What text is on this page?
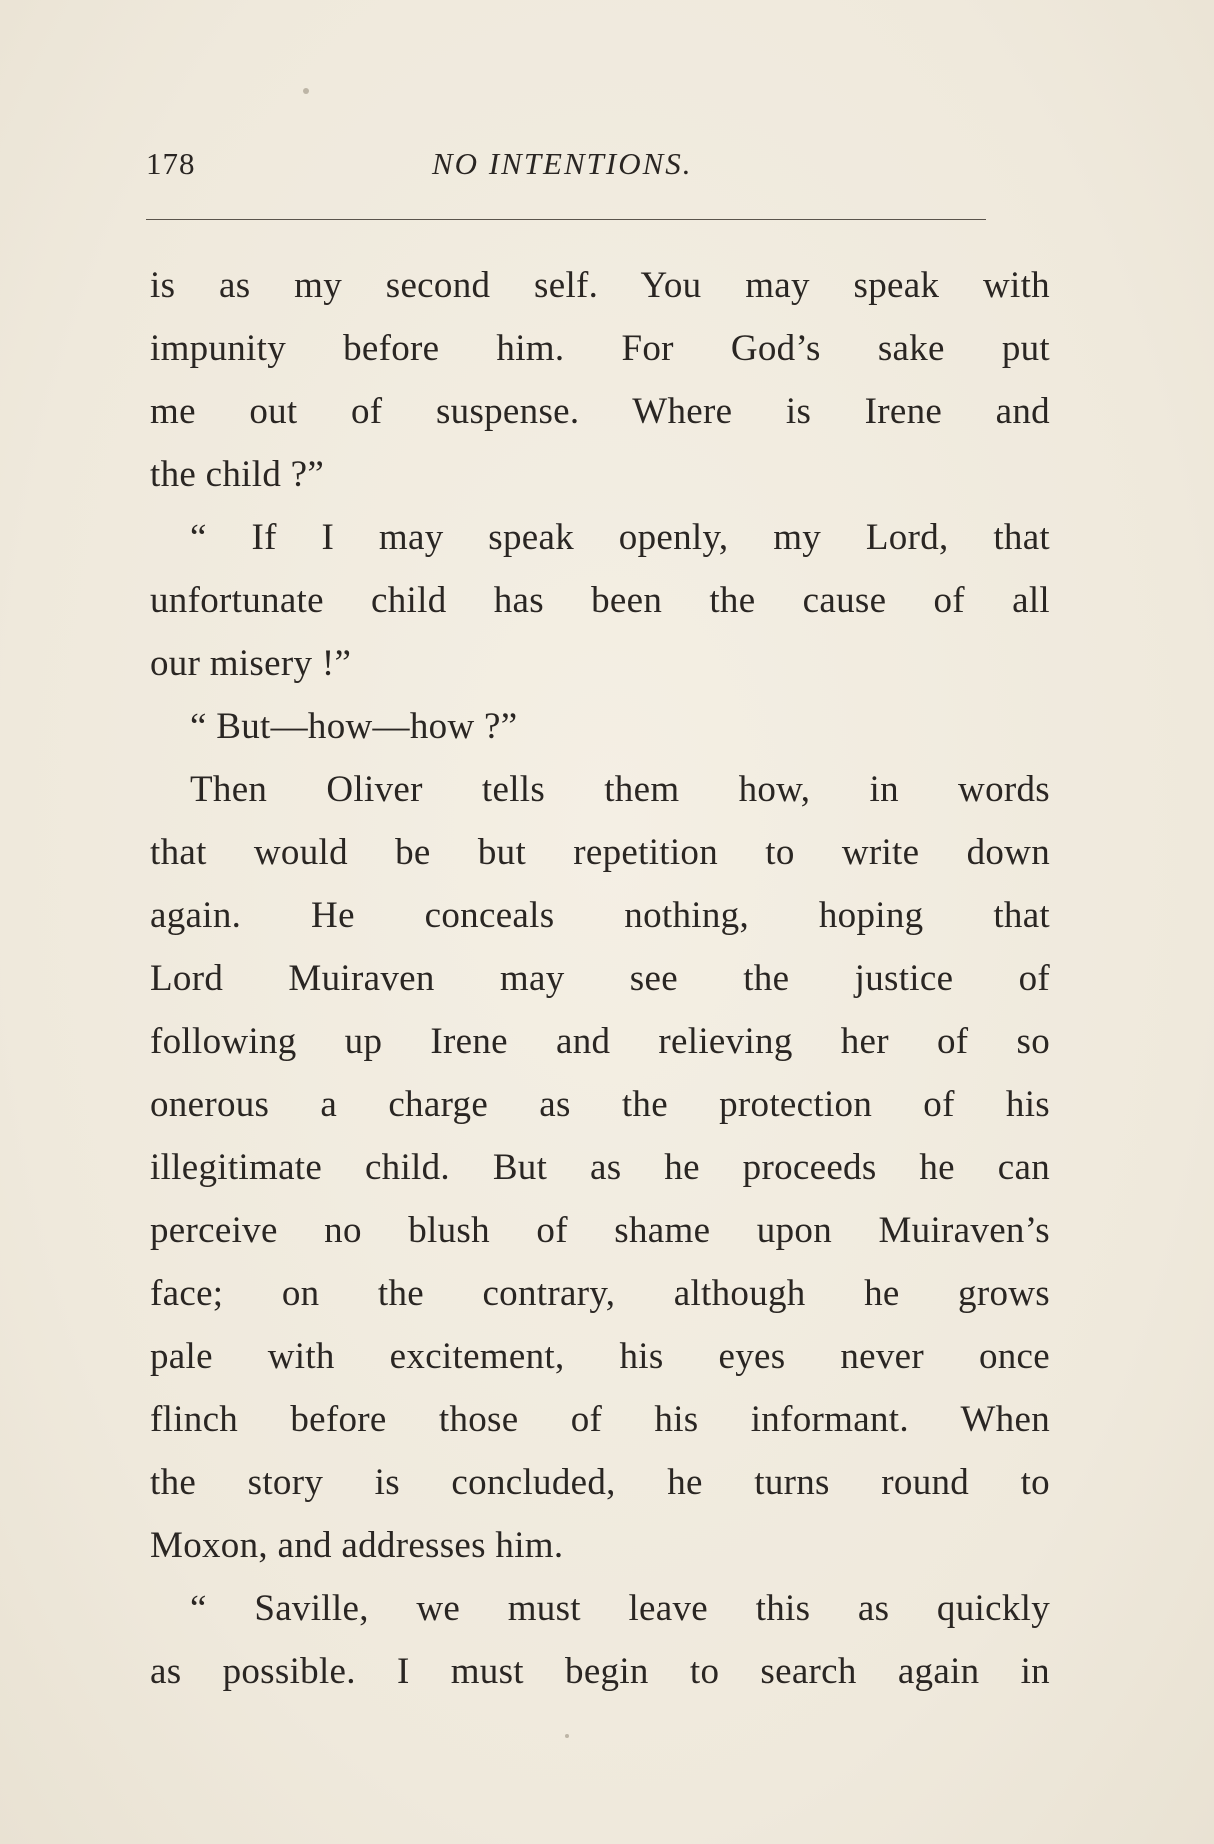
178	NO INTENTIONS.
is as my second self. You may speak with
impunity before him. For God’s sake put
me out of suspense. Where is Irene and
the child ?”
“ If I may speak openly, my Lord, that
unfortunate child has been the cause of all
our misery !”
“ But—how—how ?”
Then Oliver tells them how, in words
that would be but repetition to write down
again. He conceals nothing, hoping that
Lord Muiraven may see the justice of
following up Irene and relieving her of so
onerous a charge as the protection of his
illegitimate child. But as he proceeds he can
perceive no blush of shame upon Muiraven’s
face; on the contrary, although he grows
pale with excitement, his eyes never once
flinch before those of his informant. When
the story is concluded, he turns round to
Moxon, and addresses him.
“ Saville, we must leave this as quickly
as possible. I must begin to search again in
